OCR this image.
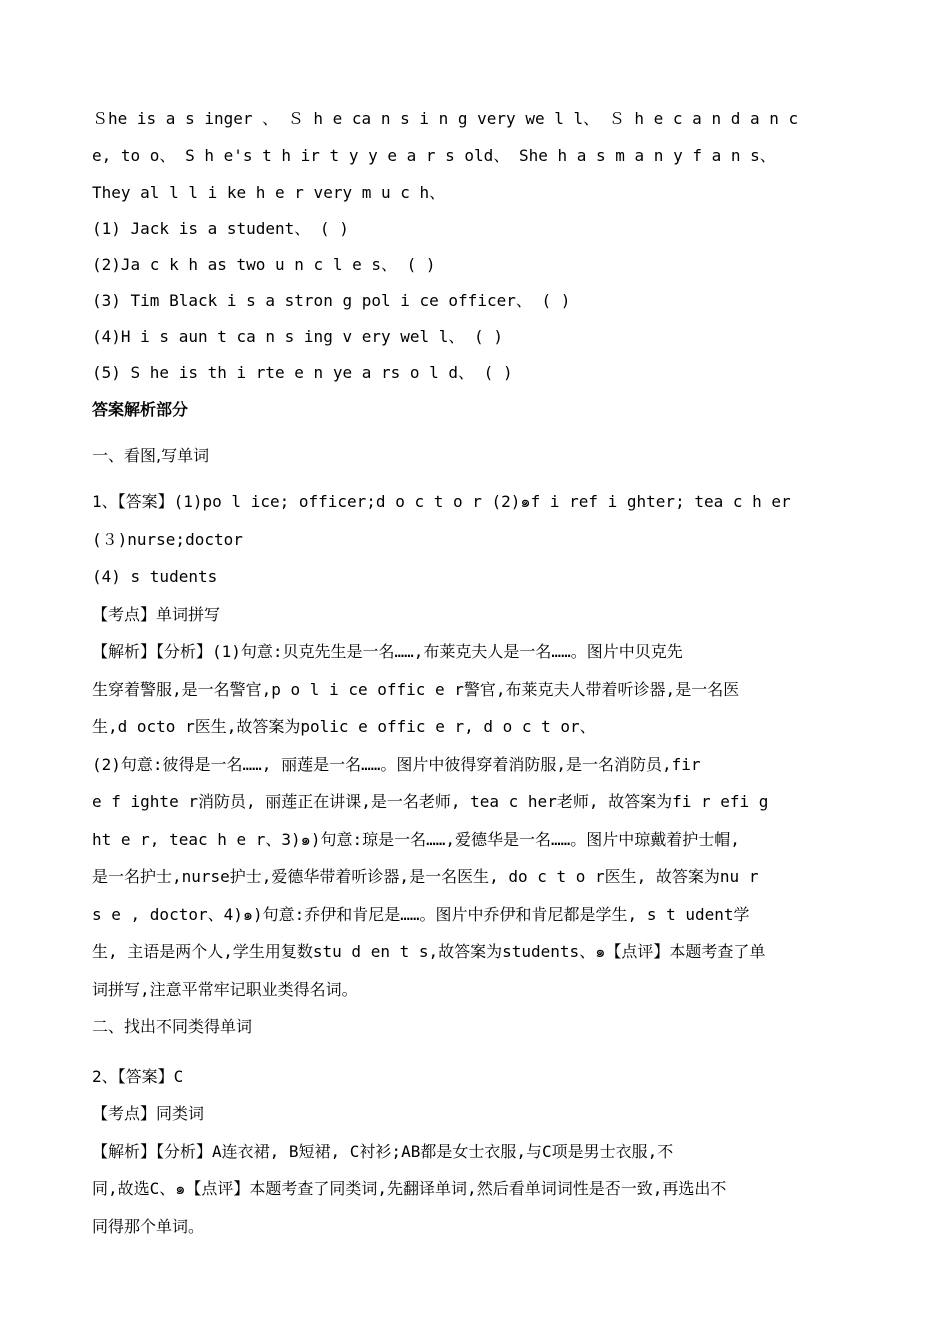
Ｓhe is a s inger 、 Ｓ h e ca n s i n g very we l l、 Ｓ h e c a n d a n c

e, to o、 S h e's t h ir t y y e a r s old、 She h a s m a n y f a n s、

They al l l i ke h e r very m u c h、

(1) Jack is a student、 ( )

(2)Ja c k h as two u n c l e s、 ( )

(3) Tim Black i s a stron g pol i ce officer、 ( )

(4)H i s aun t ca n s ing v ery wel l、 ( )

(5) S he is th i rte e n ye a rs o l d、 ( )

答案解析部分

一、看图,写单词

1、【答案】(1)po l ice; officer;d o c t o r (2)๑f i ref i ghter; tea c h er

(３)nurse;doctor

(4) s tudents

【考点】单词拼写

【解析】【分析】(1)句意:贝克先生是一名……,布莱克夫人是一名……。图片中贝克先

生穿着警服,是一名警官,p o l i ce offic e r警官,布莱克夫人带着听诊器,是一名医

生,d octo r医生,故答案为polic e offic e r, d o c t or、

(2)句意:彼得是一名……, 丽莲是一名……。图片中彼得穿着消防服,是一名消防员,fir

e f ighte r消防员, 丽莲正在讲课,是一名老师, tea c her老师, 故答案为fi r efi g

ht e r, teac h e r、3)๑)句意:琼是一名……,爱德华是一名……。图片中琼戴着护士帽,

是一名护士,nurse护士,爱德华带着听诊器,是一名医生, do c t o r医生, 故答案为nu r

s e , doctor、4)๑)句意:乔伊和肯尼是……。图片中乔伊和肯尼都是学生, s t udent学

生, 主语是两个人,学生用复数stu d en t s,故答案为students、๑【点评】本题考查了单

词拼写,注意平常牢记职业类得名词。

二、找出不同类得单词

2、【答案】C

【考点】同类词

【解析】【分析】A连衣裙, B短裙, C衬衫;AB都是女士衣服,与C项是男士衣服,不

同,故选C、๑【点评】本题考查了同类词,先翻译单词,然后看单词词性是否一致,再选出不

同得那个单词。
